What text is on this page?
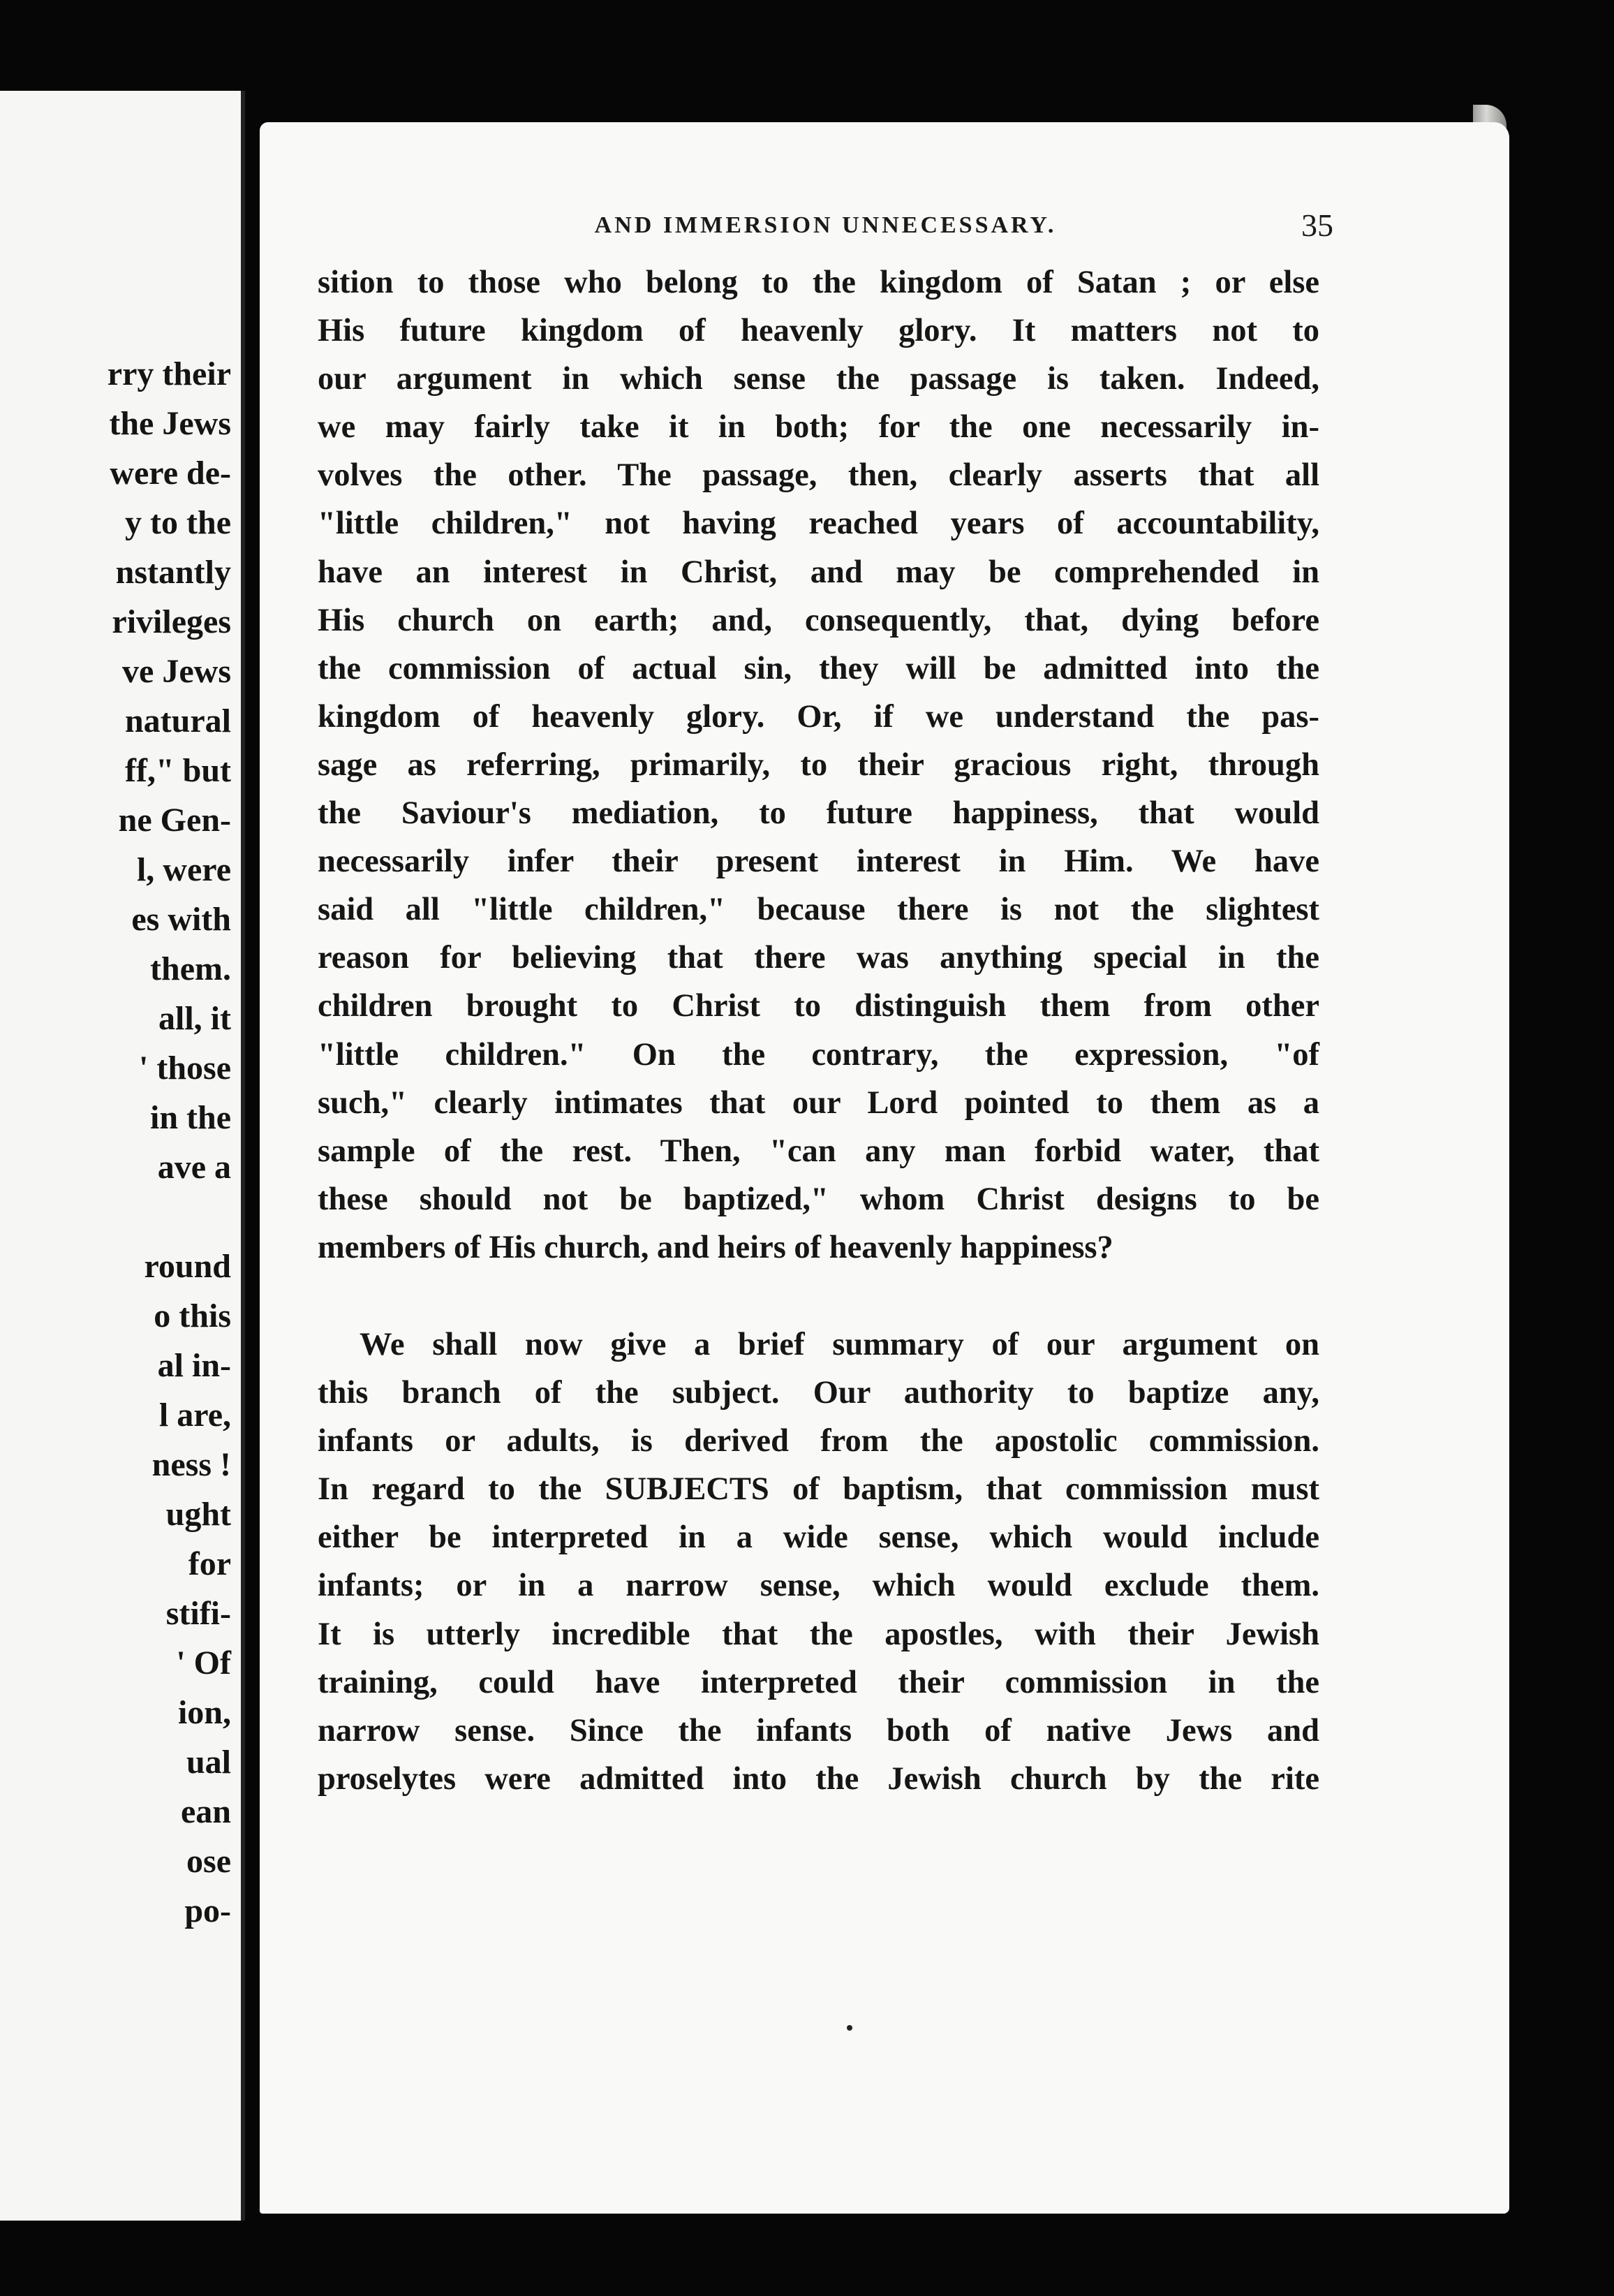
rry their
the Jews
were de-
y to the
nstantly
rivileges
ve Jews
natural
ff," but
ne Gen-
l, were
es with
them.
all, it
' those
in the
ave a
round
o this
al in-
l are,
ness !
ught
for
stifi-
' Of
ion,
ual
ean
ose
po-
AND IMMERSION UNNECESSARY.	35
sition to those who belong to the kingdom of Satan ; or else
His future kingdom of heavenly glory. It matters not to
our argument in which sense the passage is taken. Indeed,
we may fairly take it in both; for the one necessarily in-
volves the other. The passage, then, clearly asserts that all
"little children," not having reached years of accountability,
have an interest in Christ, and may be comprehended in
His church on earth; and, consequently, that, dying before
the commission of actual sin, they will be admitted into the
kingdom of heavenly glory. Or, if we understand the pas-
sage as referring, primarily, to their gracious right, through
the Saviour's mediation, to future happiness, that would
necessarily infer their present interest in Him. We have
said all "little children," because there is not the slightest
reason for believing that there was anything special in the
children brought to Christ to distinguish them from other
"little children." On the contrary, the expression, "of
such," clearly intimates that our Lord pointed to them as a
sample of the rest. Then, "can any man forbid water, that
these should not be baptized," whom Christ designs to be
members of His church, and heirs of heavenly happiness?
We shall now give a brief summary of our argument on
this branch of the subject. Our authority to baptize any,
infants or adults, is derived from the apostolic commission.
In regard to the SUBJECTS of baptism, that commission must
either be interpreted in a wide sense, which would include
infants; or in a narrow sense, which would exclude them.
It is utterly incredible that the apostles, with their Jewish
training, could have interpreted their commission in the
narrow sense. Since the infants both of native Jews and
proselytes were admitted into the Jewish church by the rite
